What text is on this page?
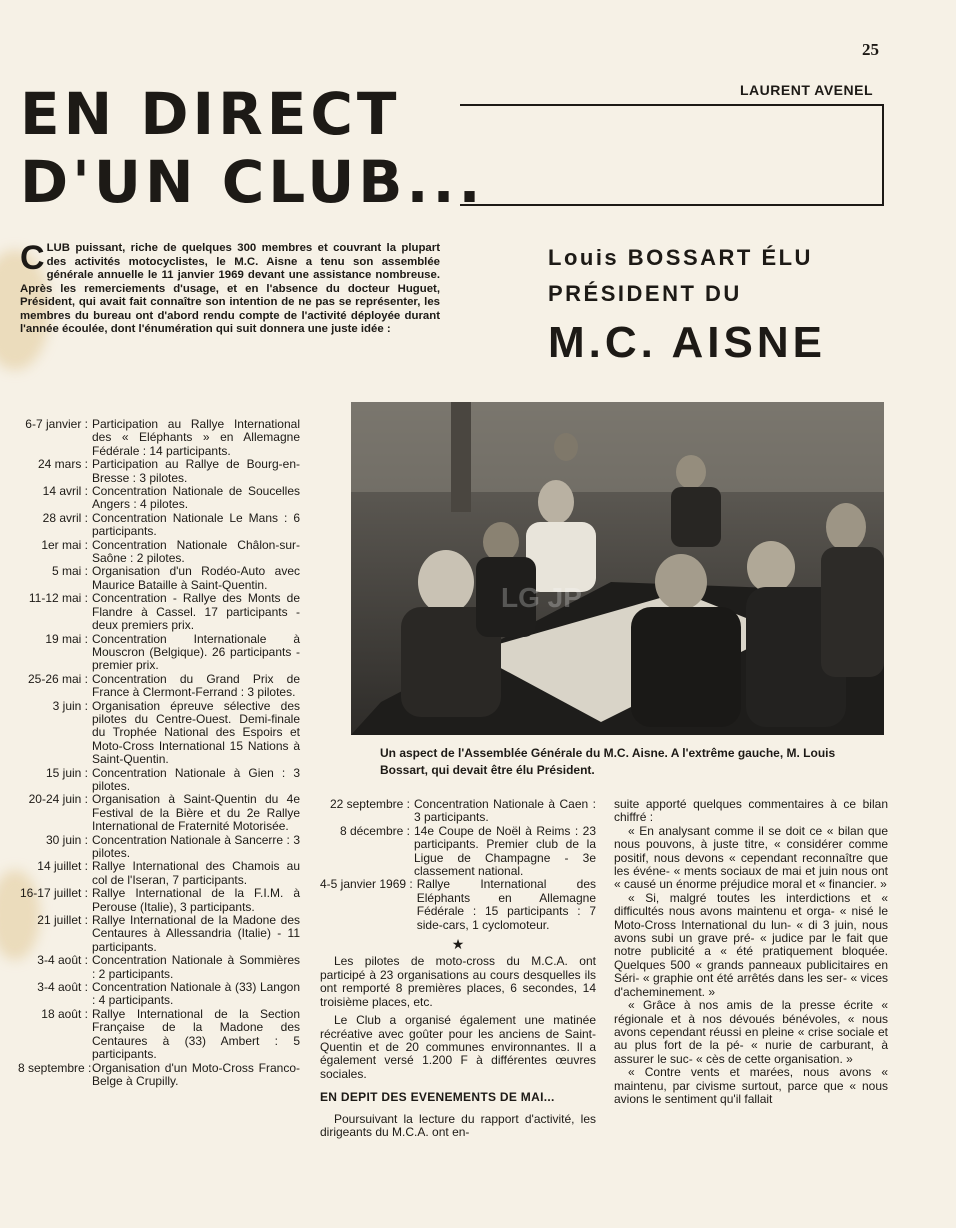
25
LAURENT AVENEL
EN DIRECT
D'UN CLUB...
Louis BOSSART ÉLU
PRÉSIDENT DU
M.C. AISNE

CLUB puissant, riche de quelques 300 membres et couvrant la plupart des activités motocyclistes, le M.C. Aisne a tenu son assemblée générale annuelle le 11 janvier 1969 devant une assistance nombreuse. Après les remerciements d'usage, et en l'absence du docteur Huguet, Président, qui avait fait connaître son intention de ne pas se représenter, les membres du bureau ont d'abord rendu compte de l'activité déployée durant l'année écoulée, dont l'énumération qui suit donnera une juste idée :

LG JP

Un aspect de l'Assemblée Générale du M.C. Aisne. A l'extrême gauche, M. Louis Bossart, qui devait être élu Président.

6-7 janvier : Participation au Rallye International des « Eléphants » en Allemagne Fédérale : 14 participants.
24 mars : Participation au Rallye de Bourg-en-Bresse : 3 pilotes.
14 avril : Concentration Nationale de Soucelles Angers : 4 pilotes.
28 avril : Concentration Nationale Le Mans : 6 participants.
1er mai : Concentration Nationale Châlon-sur-Saône : 2 pilotes.
5 mai : Organisation d'un Rodéo-Auto avec Maurice Bataille à Saint-Quentin.
11-12 mai : Concentration - Rallye des Monts de Flandre à Cassel. 17 participants - deux premiers prix.
19 mai : Concentration Internationale à Mouscron (Belgique). 26 participants - premier prix.
25-26 mai : Concentration du Grand Prix de France à Clermont-Ferrand : 3 pilotes.
3 juin : Organisation épreuve sélective des pilotes du Centre-Ouest. Demi-finale du Trophée National des Espoirs et Moto-Cross International 15 Nations à Saint-Quentin.
15 juin : Concentration Nationale à Gien : 3 pilotes.
20-24 juin : Organisation à Saint-Quentin du 4e Festival de la Bière et du 2e Rallye International de Fraternité Motorisée.
30 juin : Concentration Nationale à Sancerre : 3 pilotes.
14 juillet : Rallye International des Chamois au col de l'Iseran, 7 participants.
16-17 juillet : Rallye International de la F.I.M. à Perouse (Italie), 3 participants.
21 juillet : Rallye International de la Madone des Centaures à Allessandria (Italie) - 11 participants.
3-4 août : Concentration Nationale à Sommières : 2 participants.
3-4 août : Concentration Nationale à (33) Langon : 4 participants.
18 août : Rallye International de la Section Française de la Madone des Centaures à (33) Ambert : 5 participants.
8 septembre : Organisation d'un Moto-Cross Franco-Belge à Crupilly.
22 septembre : Concentration Nationale à Caen : 3 participants.
8 décembre : 14e Coupe de Noël à Reims : 23 participants. Premier club de la Ligue de Champagne - 3e classement national.
4-5 janvier 1969 : Rallye International des Eléphants en Allemagne Fédérale : 15 participants : 7 side-cars, 1 cyclomoteur.
★

Les pilotes de moto-cross du M.C.A. ont participé à 23 organisations au cours desquelles ils ont remporté 8 premières places, 6 secondes, 14 troisième places, etc.

Le Club a organisé également une matinée récréative avec goûter pour les anciens de Saint-Quentin et de 20 communes environnantes. Il a également versé 1.200 F à différentes œuvres sociales.

EN DEPIT DES EVENEMENTS DE MAI...

Poursuivant la lecture du rapport d'activité, les dirigeants du M.C.A. ont en-

suite apporté quelques commentaires à ce bilan chiffré :

« En analysant comme il se doit ce « bilan que nous pouvons, à juste titre, « considérer comme positif, nous devons « cependant reconnaître que les événe- « ments sociaux de mai et juin nous ont « causé un énorme préjudice moral et « financier. »

« Si, malgré toutes les interdictions et « difficultés nous avons maintenu et orga- « nisé le Moto-Cross International du lun- « di 3 juin, nous avons subi un grave pré- « judice par le fait que notre publicité a « été pratiquement bloquée. Quelques 500 « grands panneaux publicitaires en Séri- « graphie ont été arrêtés dans les ser- « vices d'acheminement. »

« Grâce à nos amis de la presse écrite « régionale et à nos dévoués bénévoles, « nous avons cependant réussi en pleine « crise sociale et au plus fort de la pé- « nurie de carburant, à assurer le suc- « cès de cette organisation. »

« Contre vents et marées, nous avons « maintenu, par civisme surtout, parce que « nous avions le sentiment qu'il fallait
